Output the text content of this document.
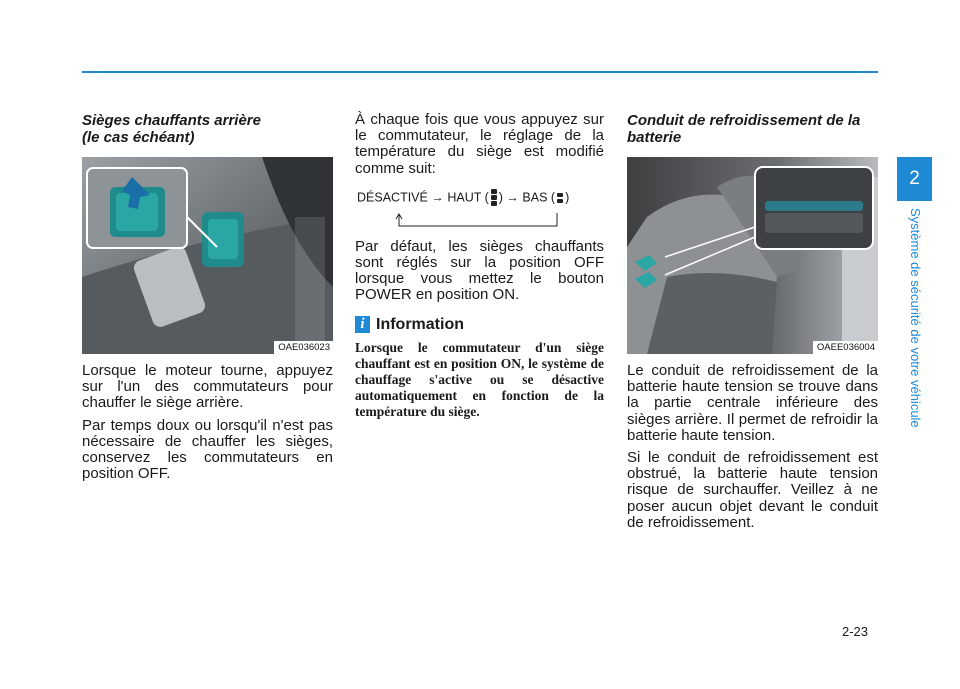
Sièges chauffants arrière
(le cas échéant)

OAE036023

Lorsque le moteur tourne, appuyez sur l'un des commutateurs pour chauffer le siège arrière.

Par temps doux ou lorsqu'il n'est pas nécessaire de chauffer les sièges, conservez les commutateurs en position OFF.

À chaque fois que vous appuyez sur le commutateur, le réglage de la température du siège est modifié comme suit:

DÉSACTIVÉ → HAUT ( ) → BAS ( )

Par défaut, les sièges chauffants sont réglés sur la position OFF lorsque vous mettez le bouton POWER en position ON.

i Information

Lorsque le commutateur d'un siège chauffant est en position ON, le système de chauffage s'active ou se désactive automatiquement en fonction de la température du siège.

Conduit de refroidissement de la
batterie

OAEE036004

Le conduit de refroidissement de la batterie haute tension se trouve dans la partie centrale inférieure des sièges arrière. Il permet de refroidir la batterie haute tension.

Si le conduit de refroidissement est obstrué, la batterie haute tension risque de surchauffer. Veillez à ne poser aucun objet devant le conduit de refroidissement.

2
Système de sécurité de votre véhicule
2-23
